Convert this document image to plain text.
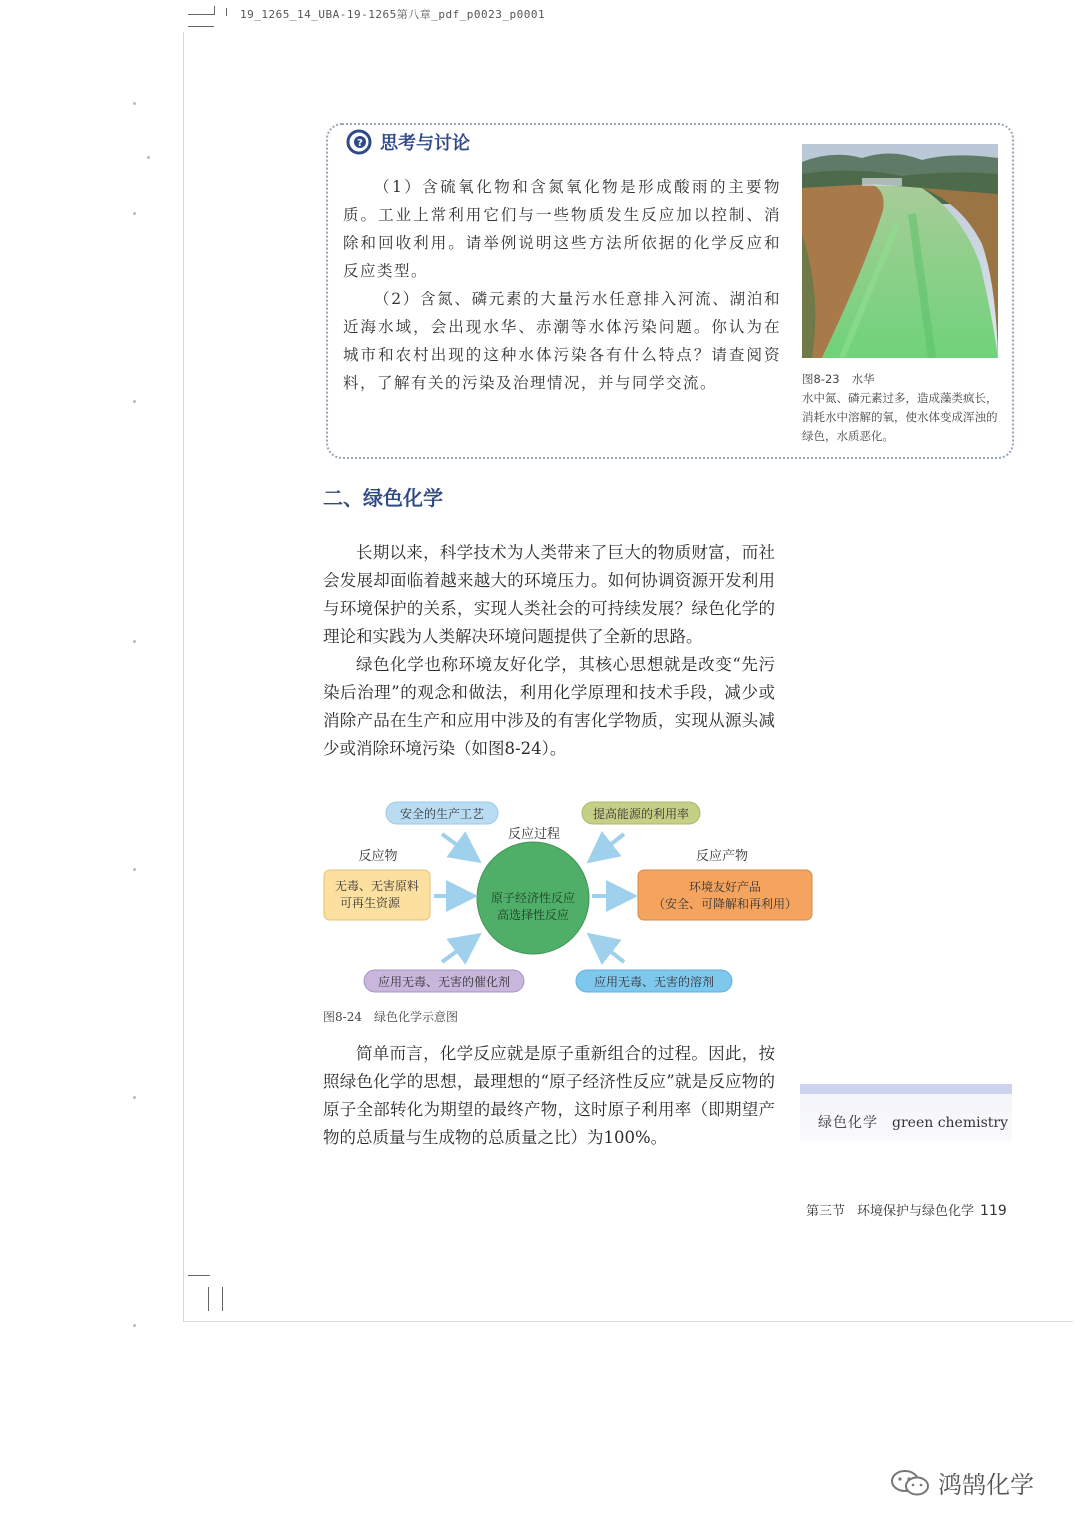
19_1265_14_UBA-19-1265第八章_pdf_p0023_p0001
? 思考与讨论

（1）含硫氧化物和含氮氧化物是形成酸雨的主要物质。工业上常利用它们与一些物质发生反应加以控制、消除和回收利用。请举例说明这些方法所依据的化学反应和反应类型。

（2）含氮、磷元素的大量污水任意排入河流、湖泊和近海水域，会出现水华、赤潮等水体污染问题。你认为在城市和农村出现的这种水体污染各有什么特点？请查阅资料，了解有关的污染及治理情况，并与同学交流。	图8-23 水华
水中氮、磷元素过多，造成藻类疯长，消耗水中溶解的氧，使水体变成浑浊的绿色，水质恶化。
二、绿色化学

长期以来，科学技术为人类带来了巨大的物质财富，而社会发展却面临着越来越大的环境压力。如何协调资源开发利用与环境保护的关系，实现人类社会的可持续发展？绿色化学的理论和实践为人类解决环境问题提供了全新的思路。

绿色化学也称环境友好化学，其核心思想就是改变“先污染后治理”的观念和做法，利用化学原理和技术手段，减少或消除产品在生产和应用中涉及的有害化学物质，实现从源头减少或消除环境污染（如图8-24）。

安全的生产工艺	提高能源的利用率
反应过程
反应物	反应产物
无毒、无害原料
可再生资源	原子经济性反应
高选择性反应
环境友好产品
（安全、可降解和再利用）
应用无毒、无害的催化剂	应用无毒、无害的溶剂
图8-24 绿色化学示意图

简单而言，化学反应就是原子重新组合的过程。因此，按照绿色化学的思想，最理想的“原子经济性反应”就是反应物的原子全部转化为期望的最终产物，这时原子利用率（即期望产物的总质量与生成物的总质量之比）为100%。

绿色化学 green chemistry
第三节 环境保护与绿色化学 119
鸿鹄化学
